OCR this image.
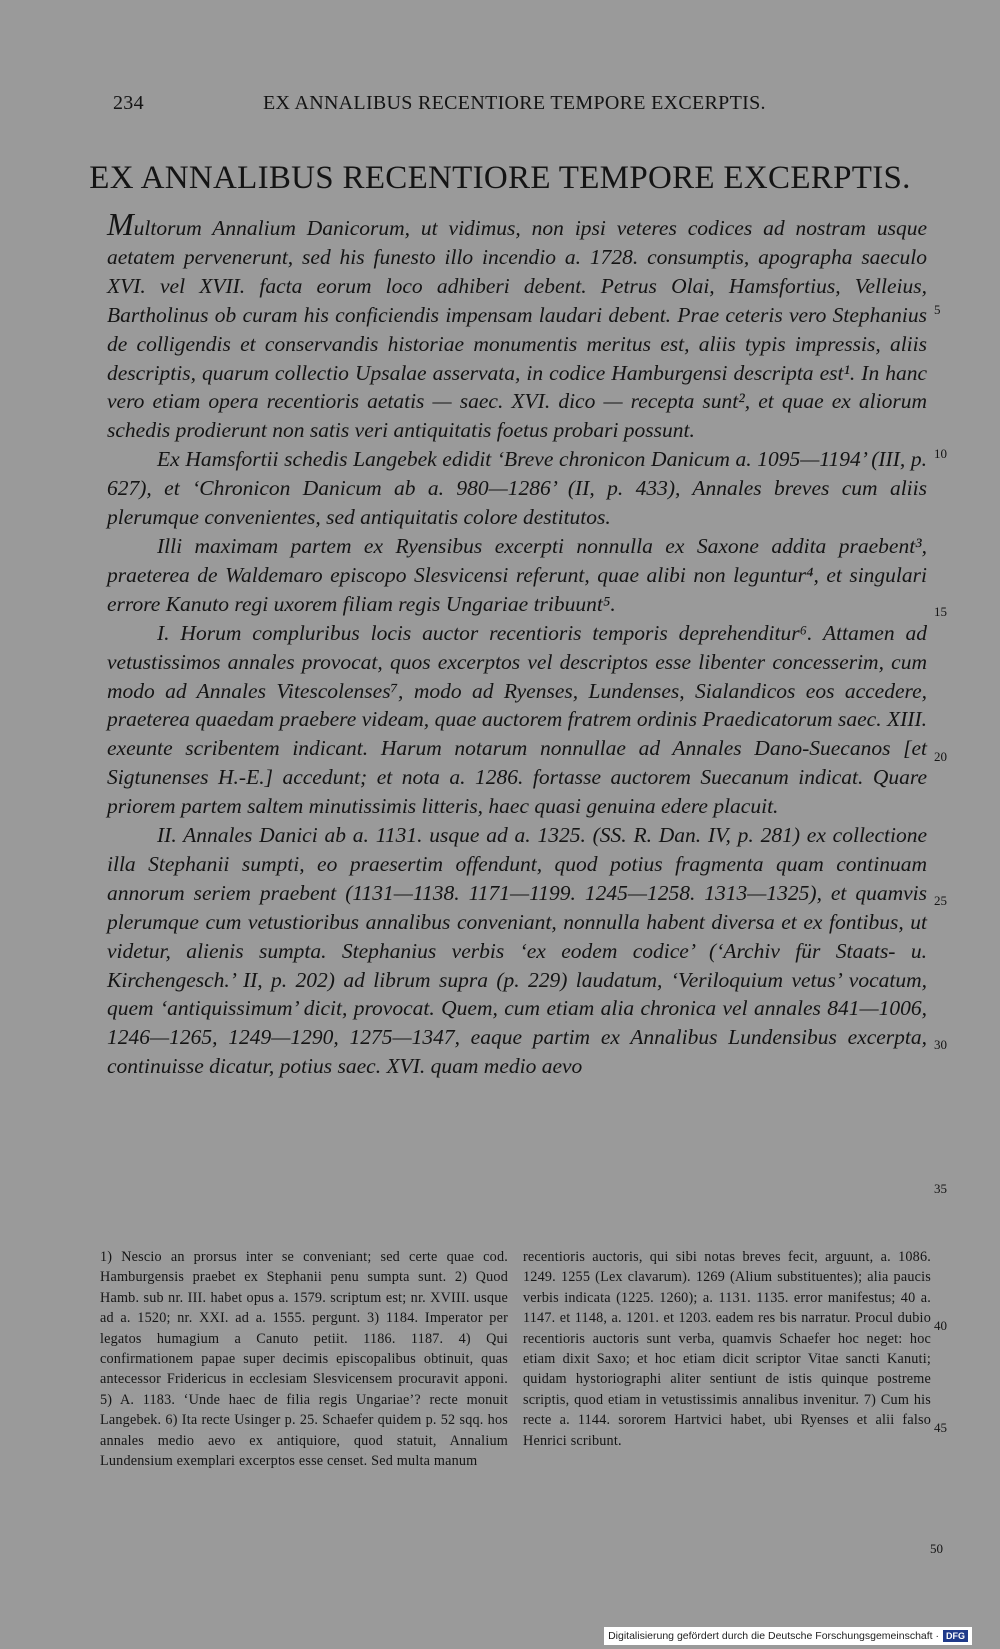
234	EX ANNALIBUS RECENTIORE TEMPORE EXCERPTIS.
EX ANNALIBUS RECENTIORE TEMPORE EXCERPTIS.

Multorum Annalium Danicorum, ut vidimus, non ipsi veteres codices ad nostram usque aetatem pervenerunt, sed his funesto illo incendio a. 1728. consumptis, apographa saeculo XVI. vel XVII. facta eorum loco adhiberi debent. Petrus Olai, Hamsfortius, Velleius, Bartholinus ob curam his conficiendis impensam laudari debent. Prae ceteris vero Stephanius de colligendis et conservandis historiae monumentis meritus est, aliis typis impressis, aliis descriptis, quarum collectio Upsalae asservata, in codice Hamburgensi descripta est¹. In hanc vero etiam opera recentioris aetatis — saec. XVI. dico — recepta sunt², et quae ex aliorum schedis prodierunt non satis veri antiquitatis foetus probari possunt.

Ex Hamsfortii schedis Langebek edidit ‘Breve chronicon Danicum a. 1095—1194’ (III, p. 627), et ‘Chronicon Danicum ab a. 980—1286’ (II, p. 433), Annales breves cum aliis plerumque convenientes, sed antiquitatis colore destitutos.

Illi maximam partem ex Ryensibus excerpti nonnulla ex Saxone addita praebent³, praeterea de Waldemaro episcopo Slesvicensi referunt, quae alibi non leguntur⁴, et singulari errore Kanuto regi uxorem filiam regis Ungariae tribuunt⁵.

I. Horum compluribus locis auctor recentioris temporis deprehenditur⁶. Attamen ad vetustissimos annales provocat, quos excerptos vel descriptos esse libenter concesserim, cum modo ad Annales Vitescolenses⁷, modo ad Ryenses, Lundenses, Sialandicos eos accedere, praeterea quaedam praebere videam, quae auctorem fratrem ordinis Praedicatorum saec. XIII. exeunte scribentem indicant. Harum notarum nonnullae ad Annales Dano-Suecanos [et Sigtunenses H.-E.] accedunt; et nota a. 1286. fortasse auctorem Suecanum indicat. Quare priorem partem saltem minutissimis litteris, haec quasi genuina edere placuit.

II. Annales Danici ab a. 1131. usque ad a. 1325. (SS. R. Dan. IV, p. 281) ex collectione illa Stephanii sumpti, eo praesertim offendunt, quod potius fragmenta quam continuam annorum seriem praebent (1131—1138. 1171—1199. 1245—1258. 1313—1325), et quamvis plerumque cum vetustioribus annalibus conveniant, nonnulla habent diversa et ex fontibus, ut videtur, alienis sumpta. Stephanius verbis ‘ex eodem codice’ (‘Archiv für Staats- u. Kirchengesch.’ II, p. 202) ad librum supra (p. 229) laudatum, ‘Veriloquium vetus’ vocatum, quem ‘antiquissimum’ dicit, provocat. Quem, cum etiam alia chronica vel annales 841—1006, 1246—1265, 1249—1290, 1275—1347, eaque partim ex Annalibus Lundensibus excerpta, continuisse dicatur, potius saec. XVI. quam medio aevo

5
10
15
20
25
30
35

1) Nescio an prorsus inter se conveniant; sed certe quae cod. Hamburgensis praebet ex Stephanii penu sumpta sunt. 2) Quod Hamb. sub nr. III. habet opus a. 1579. scriptum est; nr. XVIII. usque ad a. 1520; nr. XXI. ad a. 1555. pergunt. 3) 1184. Imperator per legatos humagium a Canuto petiit. 1186. 1187. 4) Qui confirmationem papae super decimis episcopalibus obtinuit, quas antecessor Fridericus in ecclesiam Slesvicensem procuravit apponi. 5) A. 1183. ‘Unde haec de filia regis Ungariae’? recte monuit Langebek. 6) Ita recte Usinger p. 25. Schaefer quidem p. 52 sqq. hos annales medio aevo ex antiquiore, quod statuit, Annalium Lundensium exemplari excerptos esse censet. Sed multa manum

recentioris auctoris, qui sibi notas breves fecit, arguunt, a. 1086. 1249. 1255 (Lex clavarum). 1269 (Alium substituentes); alia paucis verbis indicata (1225. 1260); a. 1131. 1135. error manifestus; 40 a. 1147. et 1148, a. 1201. et 1203. eadem res bis narratur. Procul dubio recentioris auctoris sunt verba, quamvis Schaefer hoc neget: hoc etiam dixit Saxo; et hoc etiam dicit scriptor Vitae sancti Kanuti; quidam hystoriographi aliter sentiunt de istis quinque postreme scriptis, quod etiam in vetustissimis annalibus invenitur. 7) Cum his recte a. 1144. sororem Hartvici habet, ubi Ryenses et alii falso Henrici scribunt.

40
45
50
Digitalisierung gefördert durch die Deutsche Forschungsgemeinschaft · DFG
